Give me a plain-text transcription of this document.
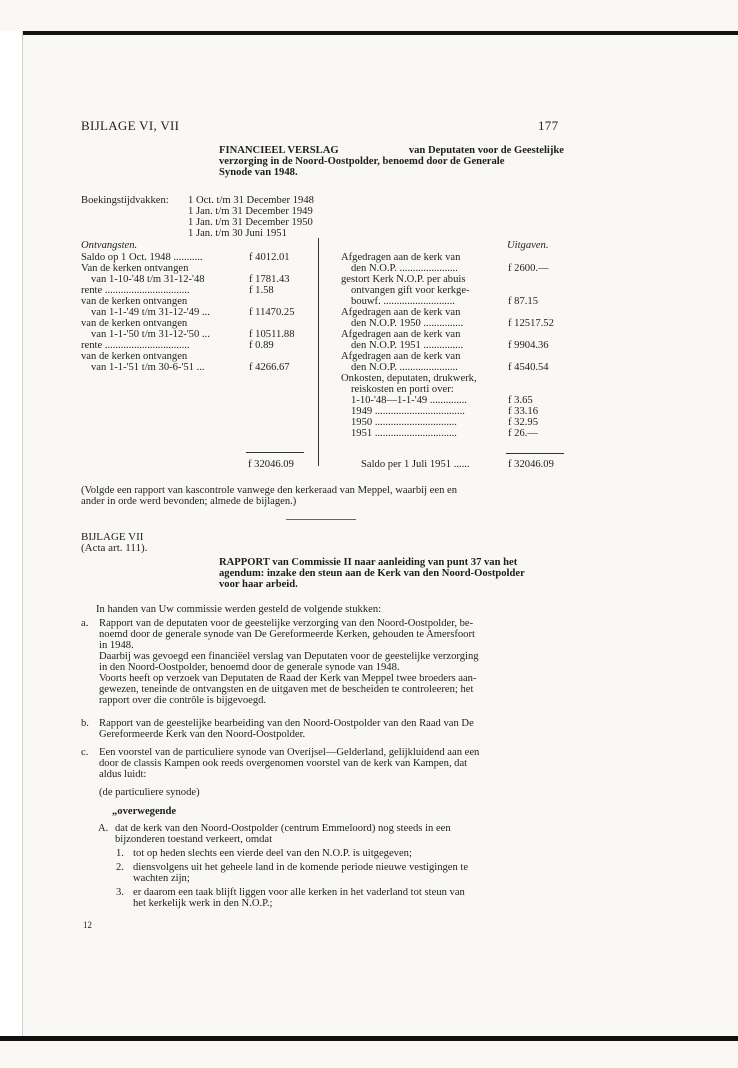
BIJLAGE VI, VII	177
FINANCIEEL VERSLAG	van Deputaten voor de Geestelijke
verzorging in de Noord-Oostpolder, benoemd door de Generale
Synode van 1948.
Boekingstijdvakken: 1 Oct. t/m 31 December 1948
1 Jan. t/m 31 December 1949
1 Jan. t/m 31 December 1950
1 Jan. t/m 30 Juni 1951
Ontvangsten.	Uitgaven.
Saldo op 1 Oct. 1948 ...........	f 4012.01
Van de kerken ontvangen
van 1-10-'48 t/m 31-12-'48	f 1781.43
rente ................................	f 1.58
van de kerken ontvangen
van 1-1-'49 t/m 31-12-'49 ...	f 11470.25
van de kerken ontvangen
van 1-1-'50 t/m 31-12-'50 ...	f 10511.88
rente ................................	f 0.89
van de kerken ontvangen
van 1-1-'51 t/m 30-6-'51 ...	f 4266.67
Afgedragen aan de kerk van
den N.O.P. ......................	f 2600.—
gestort Kerk N.O.P. per abuis
ontvangen gift voor kerkge-
bouwf. ...........................	f 87.15
Afgedragen aan de kerk van
den N.O.P. 1950 ...............	f 12517.52
Afgedragen aan de kerk van
den N.O.P. 1951 ...............	f 9904.36
Afgedragen aan de kerk van
den N.O.P. ......................	f 4540.54
Onkosten, deputaten, drukwerk,
reiskosten en porti over:
1-10-'48—1-1-'49 ..............	f 3.65
1949 ..................................	f 33.16
1950 ...............................	f 32.95
1951 ...............................	f 26.—
f 32046.09	Saldo per 1 Juli 1951 ......	f 32046.09
(Volgde een rapport van kascontrole vanwege den kerkeraad van Meppel, waarbij een en
ander in orde werd bevonden; almede de bijlagen.)
BIJLAGE VII
(Acta art. 111).
RAPPORT van Commissie II naar aanleiding van punt 37 van het
agendum: inzake den steun aan de Kerk van den Noord-Oostpolder
voor haar arbeid.
In handen van Uw commissie werden gesteld de volgende stukken:
a. Rapport van de deputaten voor de geestelijke verzorging van den Noord-Oostpolder, be-
noemd door de generale synode van De Gereformeerde Kerken, gehouden te Amersfoort
in 1948.
Daarbij was gevoegd een financiëel verslag van Deputaten voor de geestelijke verzorging
in den Noord-Oostpolder, benoemd door de generale synode van 1948.
Voorts heeft op verzoek van Deputaten de Raad der Kerk van Meppel twee broeders aan-
gewezen, teneinde de ontvangsten en de uitgaven met de bescheiden te controleeren; het
rapport over die contrôle is bijgevoegd.
b. Rapport van de geestelijke bearbeiding van den Noord-Oostpolder van den Raad van De
Gereformeerde Kerk van den Noord-Oostpolder.
c. Een voorstel van de particuliere synode van Overijsel—Gelderland, gelijkluidend aan een
door de classis Kampen ook reeds overgenomen voorstel van de kerk van Kampen, dat
aldus luidt:
(de particuliere synode)
„overwegende
A. dat de kerk van den Noord-Oostpolder (centrum Emmeloord) nog steeds in een
bijzonderen toestand verkeert, omdat
1. tot op heden slechts een vierde deel van den N.O.P. is uitgegeven;
2. diensvolgens uit het geheele land in de komende periode nieuwe vestigingen te
wachten zijn;
3. er daarom een taak blijft liggen voor alle kerken in het vaderland tot steun van
het kerkelijk werk in den N.O.P.;
12
